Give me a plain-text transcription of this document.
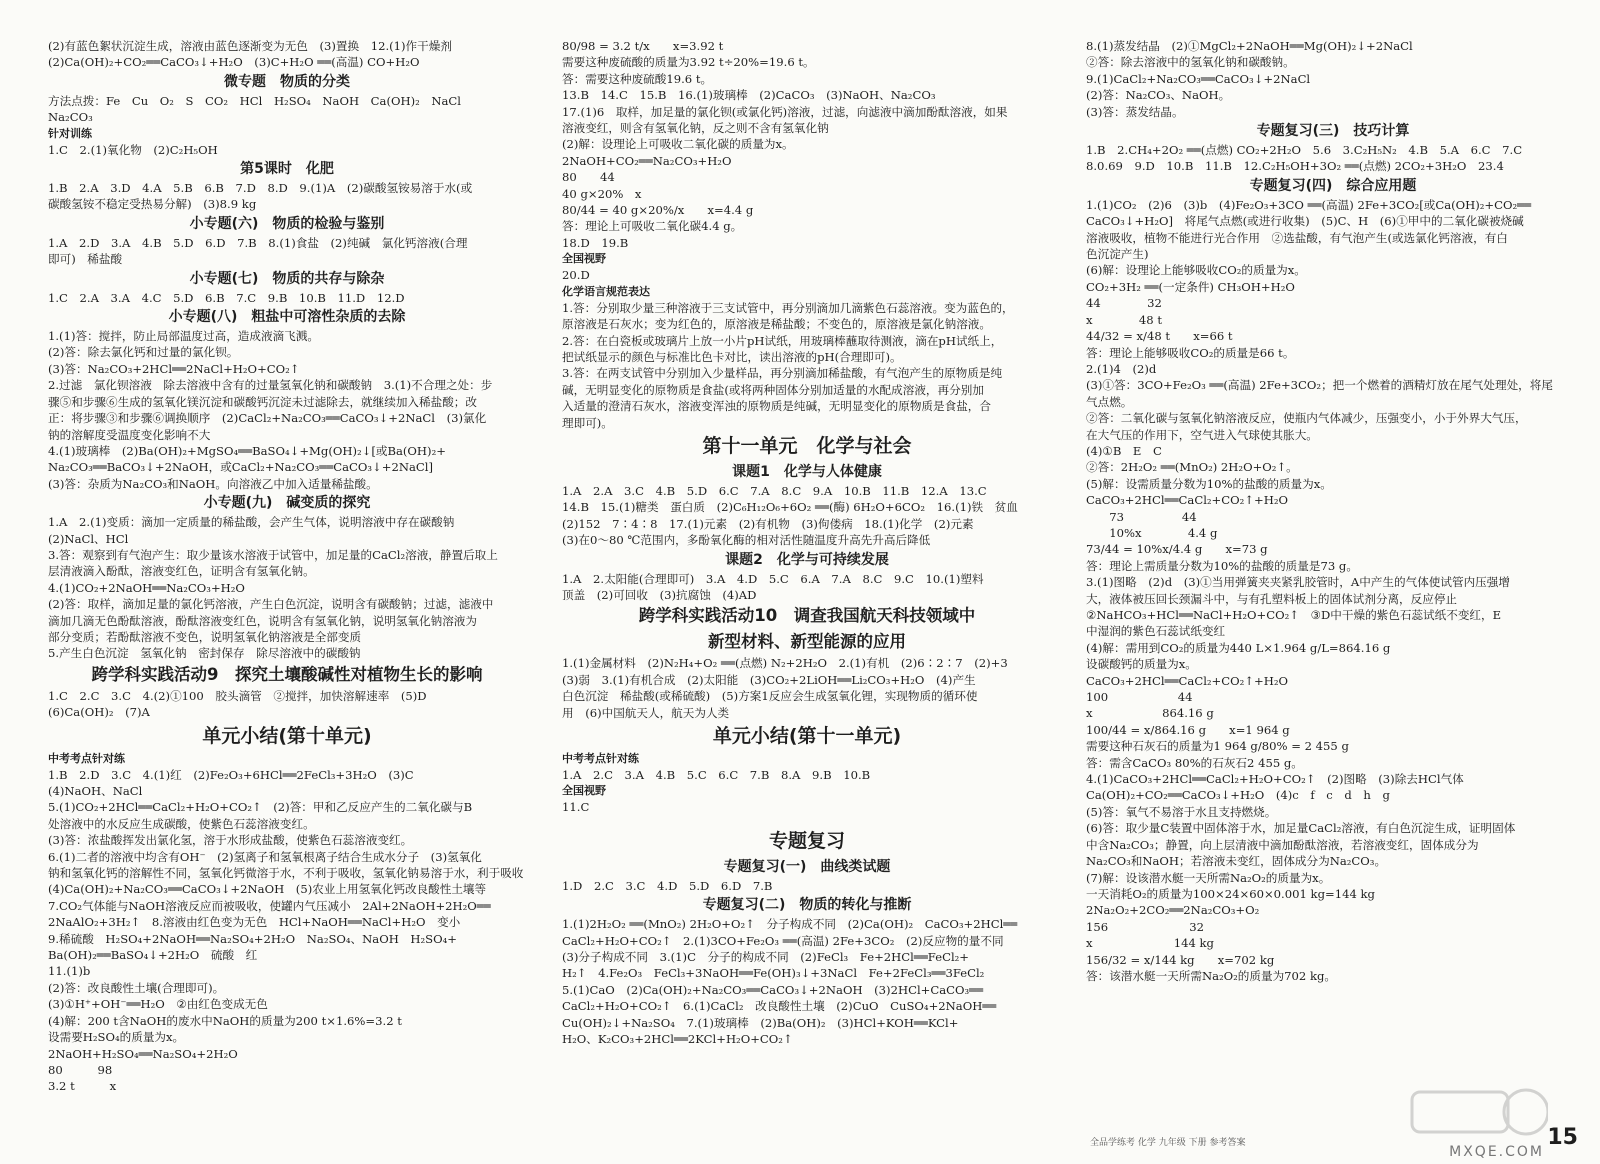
(2)有蓝色絮状沉淀生成，溶液由蓝色逐渐变为无色　(3)置换　12.(1)作干燥剂
(2)Ca(OH)₂+CO₂══CaCO₃↓+H₂O　(3)C+H₂O ══(高温) CO+H₂O
微专题　物质的分类
方法点拨：Fe　Cu　O₂　S　CO₂　HCl　H₂SO₄　NaOH　Ca(OH)₂　NaCl
Na₂CO₃
针对训练
1.C　2.(1)氧化物　(2)C₂H₅OH
第5课时　化肥
1.B　2.A　3.D　4.A　5.B　6.B　7.D　8.D　9.(1)A　(2)碳酸氢铵易溶于水(或
碳酸氢铵不稳定受热易分解)　(3)8.9 kg
小专题(六)　物质的检验与鉴别
1.A　2.D　3.A　4.B　5.D　6.D　7.B　8.(1)食盐　(2)纯碱　氯化钙溶液(合理
即可)　稀盐酸
小专题(七)　物质的共存与除杂
1.C　2.A　3.A　4.C　5.D　6.B　7.C　9.B　10.B　11.D　12.D
小专题(八)　粗盐中可溶性杂质的去除
1.(1)答：搅拌，防止局部温度过高，造成液滴飞溅。
(2)答：除去氯化钙和过量的氯化钡。
(3)答：Na₂CO₃+2HCl══2NaCl+H₂O+CO₂↑
2.过滤　氯化钡溶液　除去溶液中含有的过量氢氧化钠和碳酸钠　3.(1)不合理之处：步
骤⑤和步骤⑥生成的氢氧化镁沉淀和碳酸钙沉淀未过滤除去，就继续加入稀盐酸；改
正：将步骤③和步骤⑥调换顺序　(2)CaCl₂+Na₂CO₃══CaCO₃↓+2NaCl　(3)氯化
钠的溶解度受温度变化影响不大
4.(1)玻璃棒　(2)Ba(OH)₂+MgSO₄══BaSO₄↓+Mg(OH)₂↓[或Ba(OH)₂+
Na₂CO₃══BaCO₃↓+2NaOH，或CaCl₂+Na₂CO₃══CaCO₃↓+2NaCl]
(3)答：杂质为Na₂CO₃和NaOH。向溶液乙中加入适量稀盐酸。
小专题(九)　碱变质的探究
1.A　2.(1)变质：滴加一定质量的稀盐酸，会产生气体，说明溶液中存在碳酸钠
(2)NaCl、HCl
3.答：观察到有气泡产生：取少量该水溶液于试管中，加足量的CaCl₂溶液，静置后取上
层清液滴入酚酞，溶液变红色，证明含有氢氧化钠。
4.(1)CO₂+2NaOH══Na₂CO₃+H₂O
(2)答：取样，滴加足量的氯化钙溶液，产生白色沉淀，说明含有碳酸钠；过滤，滤液中
滴加几滴无色酚酞溶液，酚酞溶液变红色，说明含有氢氧化钠，说明氢氧化钠溶液为
部分变质；若酚酞溶液不变色，说明氢氧化钠溶液是全部变质
5.产生白色沉淀　氢氧化钠　密封保存　除尽溶液中的碳酸钠
跨学科实践活动9　探究土壤酸碱性对植物生长的影响
1.C　2.C　3.C　4.(2)①100　胶头滴管　②搅拌，加快溶解速率　(5)D
(6)Ca(OH)₂　(7)A
单元小结(第十单元)
中考考点针对练
1.B　2.D　3.C　4.(1)红　(2)Fe₂O₃+6HCl══2FeCl₃+3H₂O　(3)C
(4)NaOH、NaCl
5.(1)CO₂+2HCl══CaCl₂+H₂O+CO₂↑　(2)答：甲和乙反应产生的二氧化碳与B
处溶液中的水反应生成碳酸，使紫色石蕊溶液变红。
(3)答：浓盐酸挥发出氯化氢，溶于水形成盐酸，使紫色石蕊溶液变红。
6.(1)二者的溶液中均含有OH⁻　(2)氢离子和氢氧根离子结合生成水分子　(3)氢氧化
钠和氢氧化钙的溶解性不同，氢氧化钙微溶于水，不利于吸收，氢氧化钠易溶于水，利于吸收
(4)Ca(OH)₂+Na₂CO₃══CaCO₃↓+2NaOH　(5)农业上用氢氧化钙改良酸性土壤等
7.CO₂气体能与NaOH溶液反应而被吸收，使罐内气压减小　2Al+2NaOH+2H₂O══
2NaAlO₂+3H₂↑　8.溶液由红色变为无色　HCl+NaOH══NaCl+H₂O　变小
9.稀硫酸　H₂SO₄+2NaOH══Na₂SO₄+2H₂O　Na₂SO₄、NaOH　H₂SO₄+
Ba(OH)₂══BaSO₄↓+2H₂O　硫酸　红
11.(1)b
(2)答：改良酸性土壤(合理即可)。
(3)①H⁺+OH⁻══H₂O　②由红色变成无色
(4)解：200 t含NaOH的废水中NaOH的质量为200 t×1.6%=3.2 t
设需要H₂SO₄的质量为x。
2NaOH+H₂SO₄══Na₂SO₄+2H₂O
80　　　98
3.2 t　　　x
80/98 = 3.2 t/x　　x=3.92 t
需要这种废硫酸的质量为3.92 t÷20%=19.6 t。
答：需要这种废硫酸19.6 t。
13.B　14.C　15.B　16.(1)玻璃棒　(2)CaCO₃　(3)NaOH、Na₂CO₃
17.(1)6　取样，加足量的氯化钡(或氯化钙)溶液，过滤，向滤液中滴加酚酞溶液，如果
溶液变红，则含有氢氧化钠，反之则不含有氢氧化钠
(2)解：设理论上可吸收二氧化碳的质量为x。
2NaOH+CO₂══Na₂CO₃+H₂O
80　　44
40 g×20%　x
80/44 = 40 g×20%/x　　x=4.4 g
答：理论上可吸收二氧化碳4.4 g。
18.D　19.B
全国视野
20.D
化学语言规范表达
1.答：分别取少量三种溶液于三支试管中，再分别滴加几滴紫色石蕊溶液。变为蓝色的，
原溶液是石灰水；变为红色的，原溶液是稀盐酸；不变色的，原溶液是氯化钠溶液。
2.答：在白瓷板或玻璃片上放一小片pH试纸，用玻璃棒蘸取待测液，滴在pH试纸上，
把试纸显示的颜色与标准比色卡对比，读出溶液的pH(合理即可)。
3.答：在两支试管中分别加入少量样品，再分别滴加稀盐酸，有气泡产生的原物质是纯
碱，无明显变化的原物质是食盐(或将两种固体分别加适量的水配成溶液，再分别加
入适量的澄清石灰水，溶液变浑浊的原物质是纯碱，无明显变化的原物质是食盐，合
理即可)。
第十一单元　化学与社会
课题1　化学与人体健康
1.A　2.A　3.C　4.B　5.D　6.C　7.A　8.C　9.A　10.B　11.B　12.A　13.C
14.B　15.(1)糖类　蛋白质　(2)C₆H₁₂O₆+6O₂ ══(酶) 6H₂O+6CO₂　16.(1)铁　贫血
(2)152　7∶4∶8　17.(1)元素　(2)有机物　(3)佝偻病　18.(1)化学　(2)元素
(3)在0～80 ℃范围内，多酚氧化酶的相对活性随温度升高先升高后降低
课题2　化学与可持续发展
1.A　2.太阳能(合理即可)　3.A　4.D　5.C　6.A　7.A　8.C　9.C　10.(1)塑料
顶盖　(2)可回收　(3)抗腐蚀　(4)AD
跨学科实践活动10　调查我国航天科技领域中
新型材料、新型能源的应用
1.(1)金属材料　(2)N₂H₄+O₂ ══(点燃) N₂+2H₂O　2.(1)有机　(2)6∶2∶7　(2)+3
(3)弱　3.(1)有机合成　(2)太阳能　(3)CO₂+2LiOH══Li₂CO₃+H₂O　(4)产生
白色沉淀　稀盐酸(或稀硫酸)　(5)方案1反应会生成氢氧化锂，实现物质的循环使
用　(6)中国航天人，航天为人类
单元小结(第十一单元)
中考考点针对练
1.A　2.C　3.A　4.B　5.C　6.C　7.B　8.A　9.B　10.B
全国视野
11.C
专题复习
专题复习(一)　曲线类试题
1.D　2.C　3.C　4.D　5.D　6.D　7.B
专题复习(二)　物质的转化与推断
1.(1)2H₂O₂ ══(MnO₂) 2H₂O+O₂↑　分子构成不同　(2)Ca(OH)₂　CaCO₃+2HCl══
CaCl₂+H₂O+CO₂↑　2.(1)3CO+Fe₂O₃ ══(高温) 2Fe+3CO₂　(2)反应物的量不同
(3)分子构成不同　3.(1)C　分子的构成不同　(2)FeCl₃　Fe+2HCl══FeCl₂+
H₂↑　4.Fe₂O₃　FeCl₃+3NaOH══Fe(OH)₃↓+3NaCl　Fe+2FeCl₃══3FeCl₂
5.(1)CaO　(2)Ca(OH)₂+Na₂CO₃══CaCO₃↓+2NaOH　(3)2HCl+CaCO₃══
CaCl₂+H₂O+CO₂↑　6.(1)CaCl₂　改良酸性土壤　(2)CuO　CuSO₄+2NaOH══
Cu(OH)₂↓+Na₂SO₄　7.(1)玻璃棒　(2)Ba(OH)₂　(3)HCl+KOH══KCl+
H₂O、K₂CO₃+2HCl══2KCl+H₂O+CO₂↑
8.(1)蒸发结晶　(2)①MgCl₂+2NaOH══Mg(OH)₂↓+2NaCl
②答：除去溶液中的氢氧化钠和碳酸钠。
9.(1)CaCl₂+Na₂CO₃══CaCO₃↓+2NaCl
(2)答：Na₂CO₃、NaOH。
(3)答：蒸发结晶。
专题复习(三)　技巧计算
1.B　2.CH₄+2O₂ ══(点燃) CO₂+2H₂O　5.6　3.C₂H₅N₂　4.B　5.A　6.C　7.C
8.0.69　9.D　10.B　11.B　12.C₂H₅OH+3O₂ ══(点燃) 2CO₂+3H₂O　23.4
专题复习(四)　综合应用题
1.(1)CO₂　(2)6　(3)b　(4)Fe₂O₃+3CO ══(高温) 2Fe+3CO₂[或Ca(OH)₂+CO₂══
CaCO₃↓+H₂O]　将尾气点燃(或进行收集)　(5)C、H　(6)①甲中的二氧化碳被烧碱
溶液吸收，植物不能进行光合作用　②选盐酸，有气泡产生(或选氯化钙溶液，有白
色沉淀产生)
(6)解：设理论上能够吸收CO₂的质量为x。
CO₂+3H₂ ══(一定条件) CH₃OH+H₂O
44　　　　32
x　　　　48 t
44/32 = x/48 t　　x=66 t
答：理论上能够吸收CO₂的质量是66 t。
2.(1)4　(2)d
(3)①答：3CO+Fe₂O₃ ══(高温) 2Fe+3CO₂；把一个燃着的酒精灯放在尾气处理处，将尾
气点燃。
②答：二氧化碳与氢氧化钠溶液反应，使瓶内气体减少，压强变小，小于外界大气压，
在大气压的作用下，空气进入气球使其胀大。
(4)①B　E　C
②答：2H₂O₂ ══(MnO₂) 2H₂O+O₂↑。
(5)解：设需质量分数为10%的盐酸的质量为x。
CaCO₃+2HCl══CaCl₂+CO₂↑+H₂O
　　73　　　　　44
　　10%x　　　　4.4 g
73/44 = 10%x/4.4 g　　x=73 g
答：理论上需质量分数为10%的盐酸的质量是73 g。
3.(1)图略　(2)d　(3)①当用弹簧夹夹紧乳胶管时，A中产生的气体使试管内压强增
大，液体被压回长颈漏斗中，与有孔塑料板上的固体试剂分离，反应停止
②NaHCO₃+HCl══NaCl+H₂O+CO₂↑　③D中干燥的紫色石蕊试纸不变红，E
中湿润的紫色石蕊试纸变红
(4)解：需用到CO₂的质量为440 L×1.964 g/L=864.16 g
设碳酸钙的质量为x。
CaCO₃+2HCl══CaCl₂+CO₂↑+H₂O
100　　　　　　44
x　　　　　　864.16 g
100/44 = x/864.16 g　　x=1 964 g
需要这种石灰石的质量为1 964 g/80% = 2 455 g
答：需含CaCO₃ 80%的石灰石2 455 g。
4.(1)CaCO₃+2HCl══CaCl₂+H₂O+CO₂↑　(2)图略　(3)除去HCl气体
Ca(OH)₂+CO₂══CaCO₃↓+H₂O　(4)c　f　c　d　h　g
(5)答：氧气不易溶于水且支持燃烧。
(6)答：取少量C装置中固体溶于水，加足量CaCl₂溶液，有白色沉淀生成，证明固体
中含Na₂CO₃；静置，向上层清液中滴加酚酞溶液，若溶液变红，固体成分为
Na₂CO₃和NaOH；若溶液未变红，固体成分为Na₂CO₃。
(7)解：设该潜水艇一天所需Na₂O₂的质量为x。
一天消耗O₂的质量为100×24×60×0.001 kg=144 kg
2Na₂O₂+2CO₂══2Na₂CO₃+O₂
156　　　　　　　32
x　　　　　　　144 kg
156/32 = x/144 kg　　x=702 kg
答：该潜水艇一天所需Na₂O₂的质量为702 kg。
全品学练考 化学 九年级 下册 参考答案
MXQE.COM
15
